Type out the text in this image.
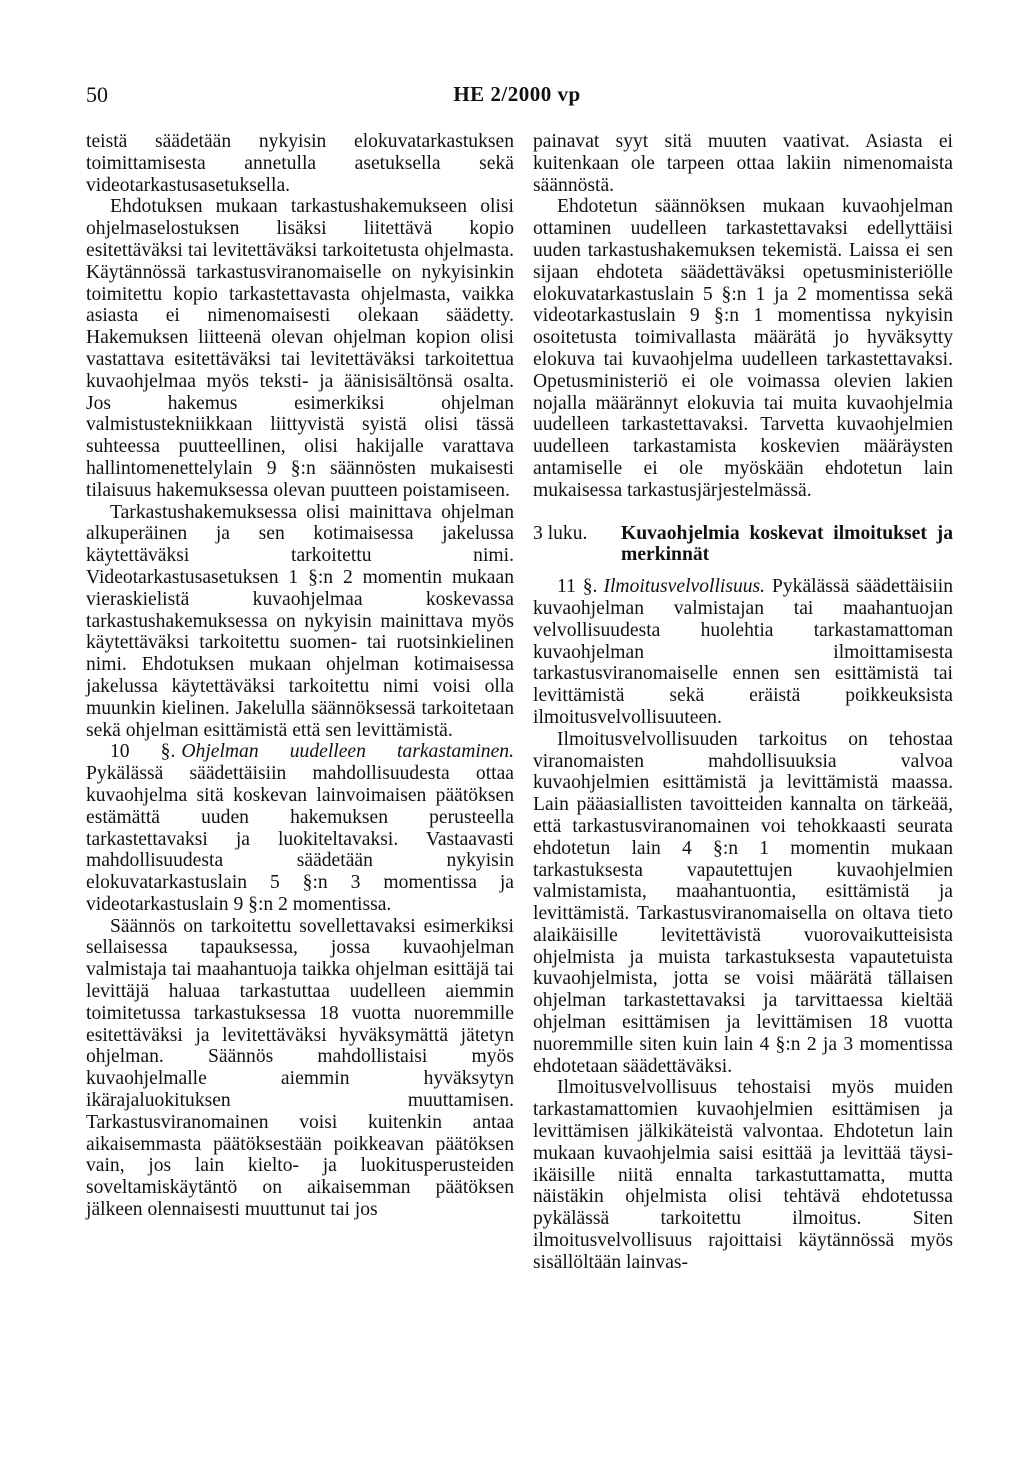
50	HE 2/2000 vp

teistä säädetään nykyisin elokuvatarkastuksen toimittamisesta annetulla asetuksella sekä videotarkastusasetuksella.

Ehdotuksen mukaan tarkastushakemukseen olisi ohjelmaselostuksen lisäksi liitettävä kopio esitettäväksi tai levitettäväksi tarkoitetusta ohjelmasta. Käytännössä tarkastusviranomaiselle on nykyisinkin toimitettu kopio tarkastettavasta ohjelmasta, vaikka asiasta ei nimenomaisesti olekaan säädetty. Hakemuksen liitteenä olevan ohjelman kopion olisi vastattava esitettäväksi tai levitettäväksi tarkoitettua kuvaohjelmaa myös teksti- ja äänisisältönsä osalta. Jos hakemus esimerkiksi ohjelman valmistustekniikkaan liittyvistä syistä olisi tässä suhteessa puutteellinen, olisi hakijalle varattava hallintomenettelylain 9 §:n säännösten mukaisesti tilaisuus hakemuksessa olevan puutteen poistamiseen.

Tarkastushakemuksessa olisi mainittava ohjelman alkuperäinen ja sen kotimaisessa jakelussa käytettäväksi tarkoitettu nimi. Videotarkastusasetuksen 1 §:n 2 momentin mukaan vieraskielistä kuvaohjelmaa koskevassa tarkastushakemuksessa on nykyisin mainittava myös käytettäväksi tarkoitettu suomen- tai ruotsinkielinen nimi. Ehdotuksen mukaan ohjelman kotimaisessa jakelussa käytettäväksi tarkoitettu nimi voisi olla muunkin kielinen. Jakelulla säännöksessä tarkoitetaan sekä ohjelman esittämistä että sen levittämistä.

10 §. Ohjelman uudelleen tarkastaminen. Pykälässä säädettäisiin mahdollisuudesta ottaa kuvaohjelma sitä koskevan lainvoimaisen päätöksen estämättä uuden hakemuksen perusteella tarkastettavaksi ja luokiteltavaksi. Vastaavasti mahdollisuudesta säädetään nykyisin elokuvatarkastuslain 5 §:n 3 momentissa ja videotarkastuslain 9 §:n 2 momentissa.

Säännös on tarkoitettu sovellettavaksi esimerkiksi sellaisessa tapauksessa, jossa kuvaohjelman valmistaja tai maahantuoja taikka ohjelman esittäjä tai levittäjä haluaa tarkastuttaa uudelleen aiemmin toimitetussa tarkastuksessa 18 vuotta nuoremmille esitettäväksi ja levitettäväksi hyväksymättä jätetyn ohjelman. Säännös mahdollistaisi myös kuvaohjelmalle aiemmin hyväksytyn ikärajaluokituksen muuttamisen. Tarkastusviranomainen voisi kuitenkin antaa aikaisemmasta päätöksestään poikkeavan päätöksen vain, jos lain kielto- ja luokitusperusteiden soveltamiskäytäntö on aikaisemman päätöksen jälkeen olennaisesti muuttunut tai jos

painavat syyt sitä muuten vaativat. Asiasta ei kuitenkaan ole tarpeen ottaa lakiin nimenomaista säännöstä.

Ehdotetun säännöksen mukaan kuvaohjelman ottaminen uudelleen tarkastettavaksi edellyttäisi uuden tarkastushakemuksen tekemistä. Laissa ei sen sijaan ehdoteta säädettäväksi opetusministeriölle elokuvatarkastuslain 5 §:n 1 ja 2 momentissa sekä videotarkastuslain 9 §:n 1 momentissa nykyisin osoitetusta toimivallasta määrätä jo hyväksytty elokuva tai kuvaohjelma uudelleen tarkastettavaksi. Opetusministeriö ei ole voimassa olevien lakien nojalla määrännyt elokuvia tai muita kuvaohjelmia uudelleen tarkastettavaksi. Tarvetta kuvaohjelmien uudelleen tarkastamista koskevien määräysten antamiselle ei ole myöskään ehdotetun lain mukaisessa tarkastusjärjestelmässä.

3 luku.	Kuvaohjelmia koskevat ilmoitukset ja merkinnät

11 §. Ilmoitusvelvollisuus. Pykälässä säädettäisiin kuvaohjelman valmistajan tai maahantuojan velvollisuudesta huolehtia tarkastamattoman kuvaohjelman ilmoittamisesta tarkastusviranomaiselle ennen sen esittämistä tai levittämistä sekä eräistä poikkeuksista ilmoitusvelvollisuuteen.

Ilmoitusvelvollisuuden tarkoitus on tehostaa viranomaisten mahdollisuuksia valvoa kuvaohjelmien esittämistä ja levittämistä maassa. Lain pääasiallisten tavoitteiden kannalta on tärkeää, että tarkastusviranomainen voi tehokkaasti seurata ehdotetun lain 4 §:n 1 momentin mukaan tarkastuksesta vapautettujen kuvaohjelmien valmistamista, maahantuontia, esittämistä ja levittämistä. Tarkastusviranomaisella on oltava tieto alaikäisille levitettävistä vuorovaikutteisista ohjelmista ja muista tarkastuksesta vapautetuista kuvaohjelmista, jotta se voisi määrätä tällaisen ohjelman tarkastettavaksi ja tarvittaessa kieltää ohjelman esittämisen ja levittämisen 18 vuotta nuoremmille siten kuin lain 4 §:n 2 ja 3 momentissa ehdotetaan säädettäväksi.

Ilmoitusvelvollisuus tehostaisi myös muiden tarkastamattomien kuvaohjelmien esittämisen ja levittämisen jälkikäteistä valvontaa. Ehdotetun lain mukaan kuvaohjelmia saisi esittää ja levittää täysi-ikäisille niitä ennalta tarkastuttamatta, mutta näistäkin ohjelmista olisi tehtävä ehdotetussa pykälässä tarkoitettu ilmoitus. Siten ilmoitusvelvollisuus rajoittaisi käytännössä myös sisällöltään lainvas-
